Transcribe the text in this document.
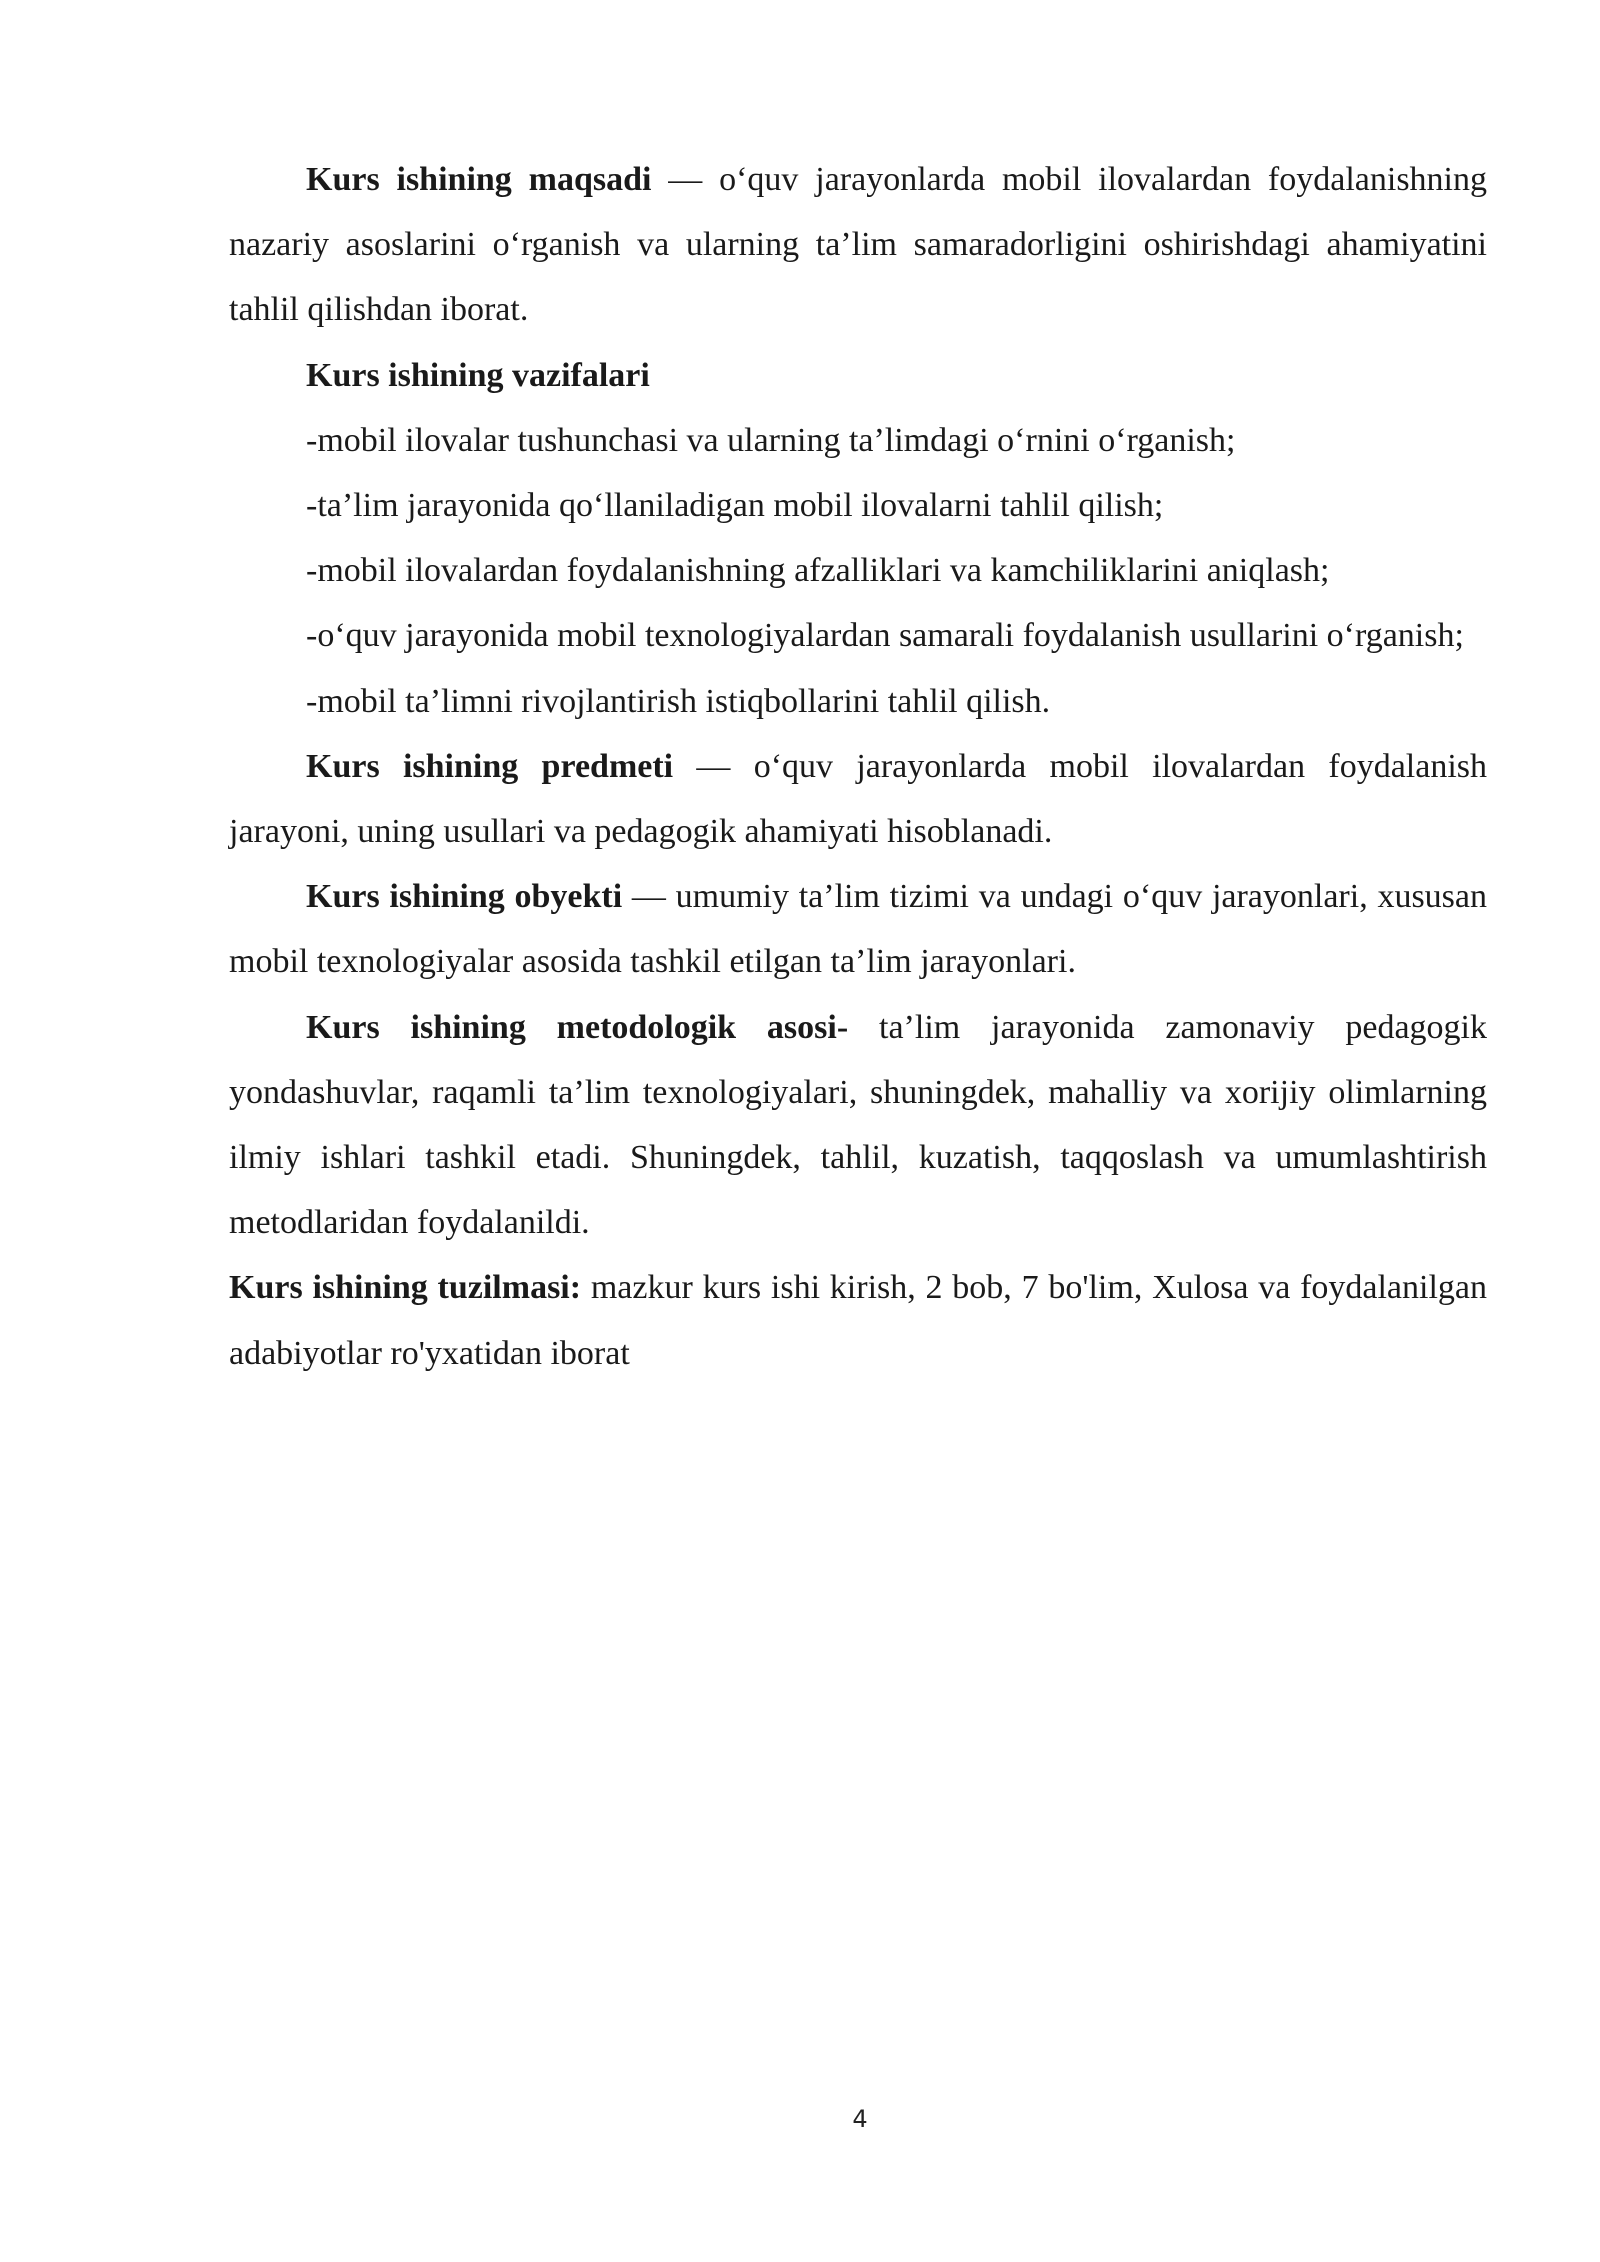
Kurs ishining maqsadi — o‘quv jarayonlarda mobil ilovalardan foydalanishning nazariy asoslarini o‘rganish va ularning ta’lim samaradorligini oshirishdagi ahamiyatini tahlil qilishdan iborat.

Kurs ishining vazifalari

-mobil ilovalar tushunchasi va ularning ta’limdagi o‘rnini o‘rganish;

-ta’lim jarayonida qo‘llaniladigan mobil ilovalarni tahlil qilish;

-mobil ilovalardan foydalanishning afzalliklari va kamchiliklarini aniqlash;

-o‘quv jarayonida mobil texnologiyalardan samarali foydalanish usullarini o‘rganish;

-mobil ta’limni rivojlantirish istiqbollarini tahlil qilish.

Kurs ishining predmeti — o‘quv jarayonlarda mobil ilovalardan foydalanish jarayoni, uning usullari va pedagogik ahamiyati hisoblanadi.

Kurs ishining obyekti — umumiy ta’lim tizimi va undagi o‘quv jarayonlari, xususan mobil texnologiyalar asosida tashkil etilgan ta’lim jarayonlari.

Kurs ishining metodologik asosi- ta’lim jarayonida zamonaviy pedagogik yondashuvlar, raqamli ta’lim texnologiyalari, shuningdek, mahalliy va xorijiy olimlarning ilmiy ishlari tashkil etadi. Shuningdek, tahlil, kuzatish, taqqoslash va umumlashtirish metodlaridan foydalanildi.

Kurs ishining tuzilmasi: mazkur kurs ishi kirish, 2 bob, 7 bo'lim, Xulosa va foydalanilgan adabiyotlar ro'yxatidan iborat

4
